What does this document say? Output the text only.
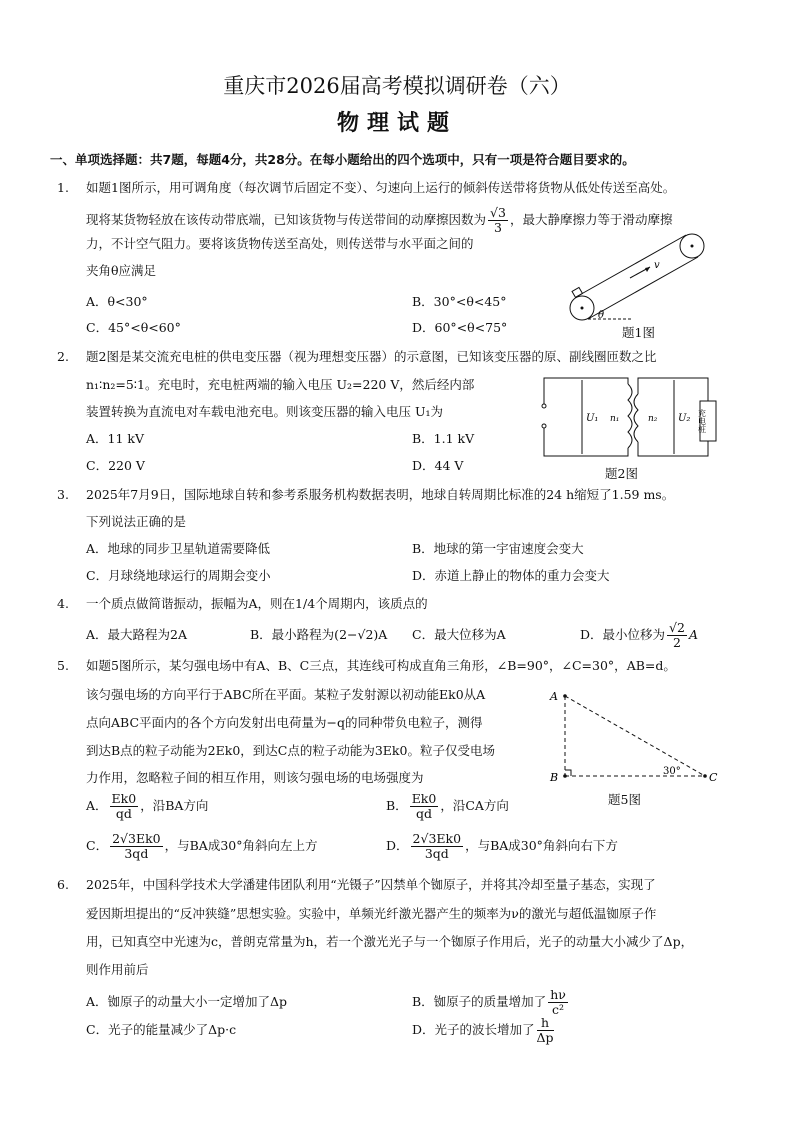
重庆市2026届高考模拟调研卷（六）
物理试题
一、单项选择题：共7题，每题4分，共28分。在每小题给出的四个选项中，只有一项是符合题目要求的。
1. 如题1图所示，用可调角度（每次调节后固定不变）、匀速向上运行的倾斜传送带将货物从低处传送至高处。
现将某货物轻放在该传动带底端，已知该货物与传送带间的动摩擦因数为 $\frac{√3}{3}$ ，最大静摩擦力等于滑动摩擦
力，不计空气阻力。要将该货物传送至高处，则传送带与水平面之间的
夹角θ应满足
A．θ<30°	B．30°<θ<45°
C．45°<θ<60°	D．60°<θ<75°
v
θ
题1图
2. 题2图是某交流充电桩的供电变压器（视为理想变压器）的示意图，已知该变压器的原、副线圈匝数之比
n₁∶n₂=5∶1。充电时，充电桩两端的输入电压 U₂=220 V，然后经内部
装置转换为直流电对车载电池充电。则该变压器的输入电压 U₁为
A．11 kV	B．1.1 kV
C．220 V	D．44 V
U₁ n₁	n₂ U₂ 充电桩
题2图
3. 2025年7月9日，国际地球自转和参考系服务机构数据表明，地球自转周期比标准的24 h缩短了1.59 ms。
下列说法正确的是
A．地球的同步卫星轨道需要降低	B．地球的第一宇宙速度会变大
C．月球绕地球运行的周期会变小	D．赤道上静止的物体的重力会变大
4. 一个质点做简谐振动，振幅为A，则在1/4个周期内，该质点的
A．最大路程为2A	B．最小路程为(2−√2)A C．最大位移为A	D．最小位移为 $\frac{√2}{2}$ A
5. 如题5图所示，某匀强电场中有A、B、C三点，其连线可构成直角三角形，∠B=90°，∠C=30°，AB=d。
该匀强电场的方向平行于ABC所在平面。某粒子发射源以初动能Ek0从A
点向ABC平面内的各个方向发射出电荷量为−q的同种带负电粒子，测得
到达B点的粒子动能为2Ek0，到达C点的粒子动能为3Ek0。粒子仅受电场
力作用，忽略粒子间的相互作用，则该匀强电场的电场强度为
A． $\frac{Ek0}{qd}$ ，沿BA方向	B． $\frac{Ek0}{qd}$ ，沿CA方向
C． $\frac{2√3Ek0}{3qd}$ ，与BA成30°角斜向左上方	D． $\frac{2√3Ek0}{3qd}$ ，与BA成30°角斜向右下方
A
B	C
30°
题5图
6. 2025年，中国科学技术大学潘建伟团队利用“光镊子”囚禁单个铷原子，并将其冷却至量子基态，实现了
爱因斯坦提出的“反冲狭缝”思想实验。实验中，单频光纤激光器产生的频率为ν的激光与超低温铷原子作
用，已知真空中光速为c，普朗克常量为h，若一个激光光子与一个铷原子作用后，光子的动量大小减少了Δp，
则作用前后
A．铷原子的动量大小一定增加了Δp	B．铷原子的质量增加了 $\frac{h\nu}{\text{c²}}$
C．光子的能量减少了Δp·c	D．光子的波长增加了 $\frac{h}{\Delta p}$
